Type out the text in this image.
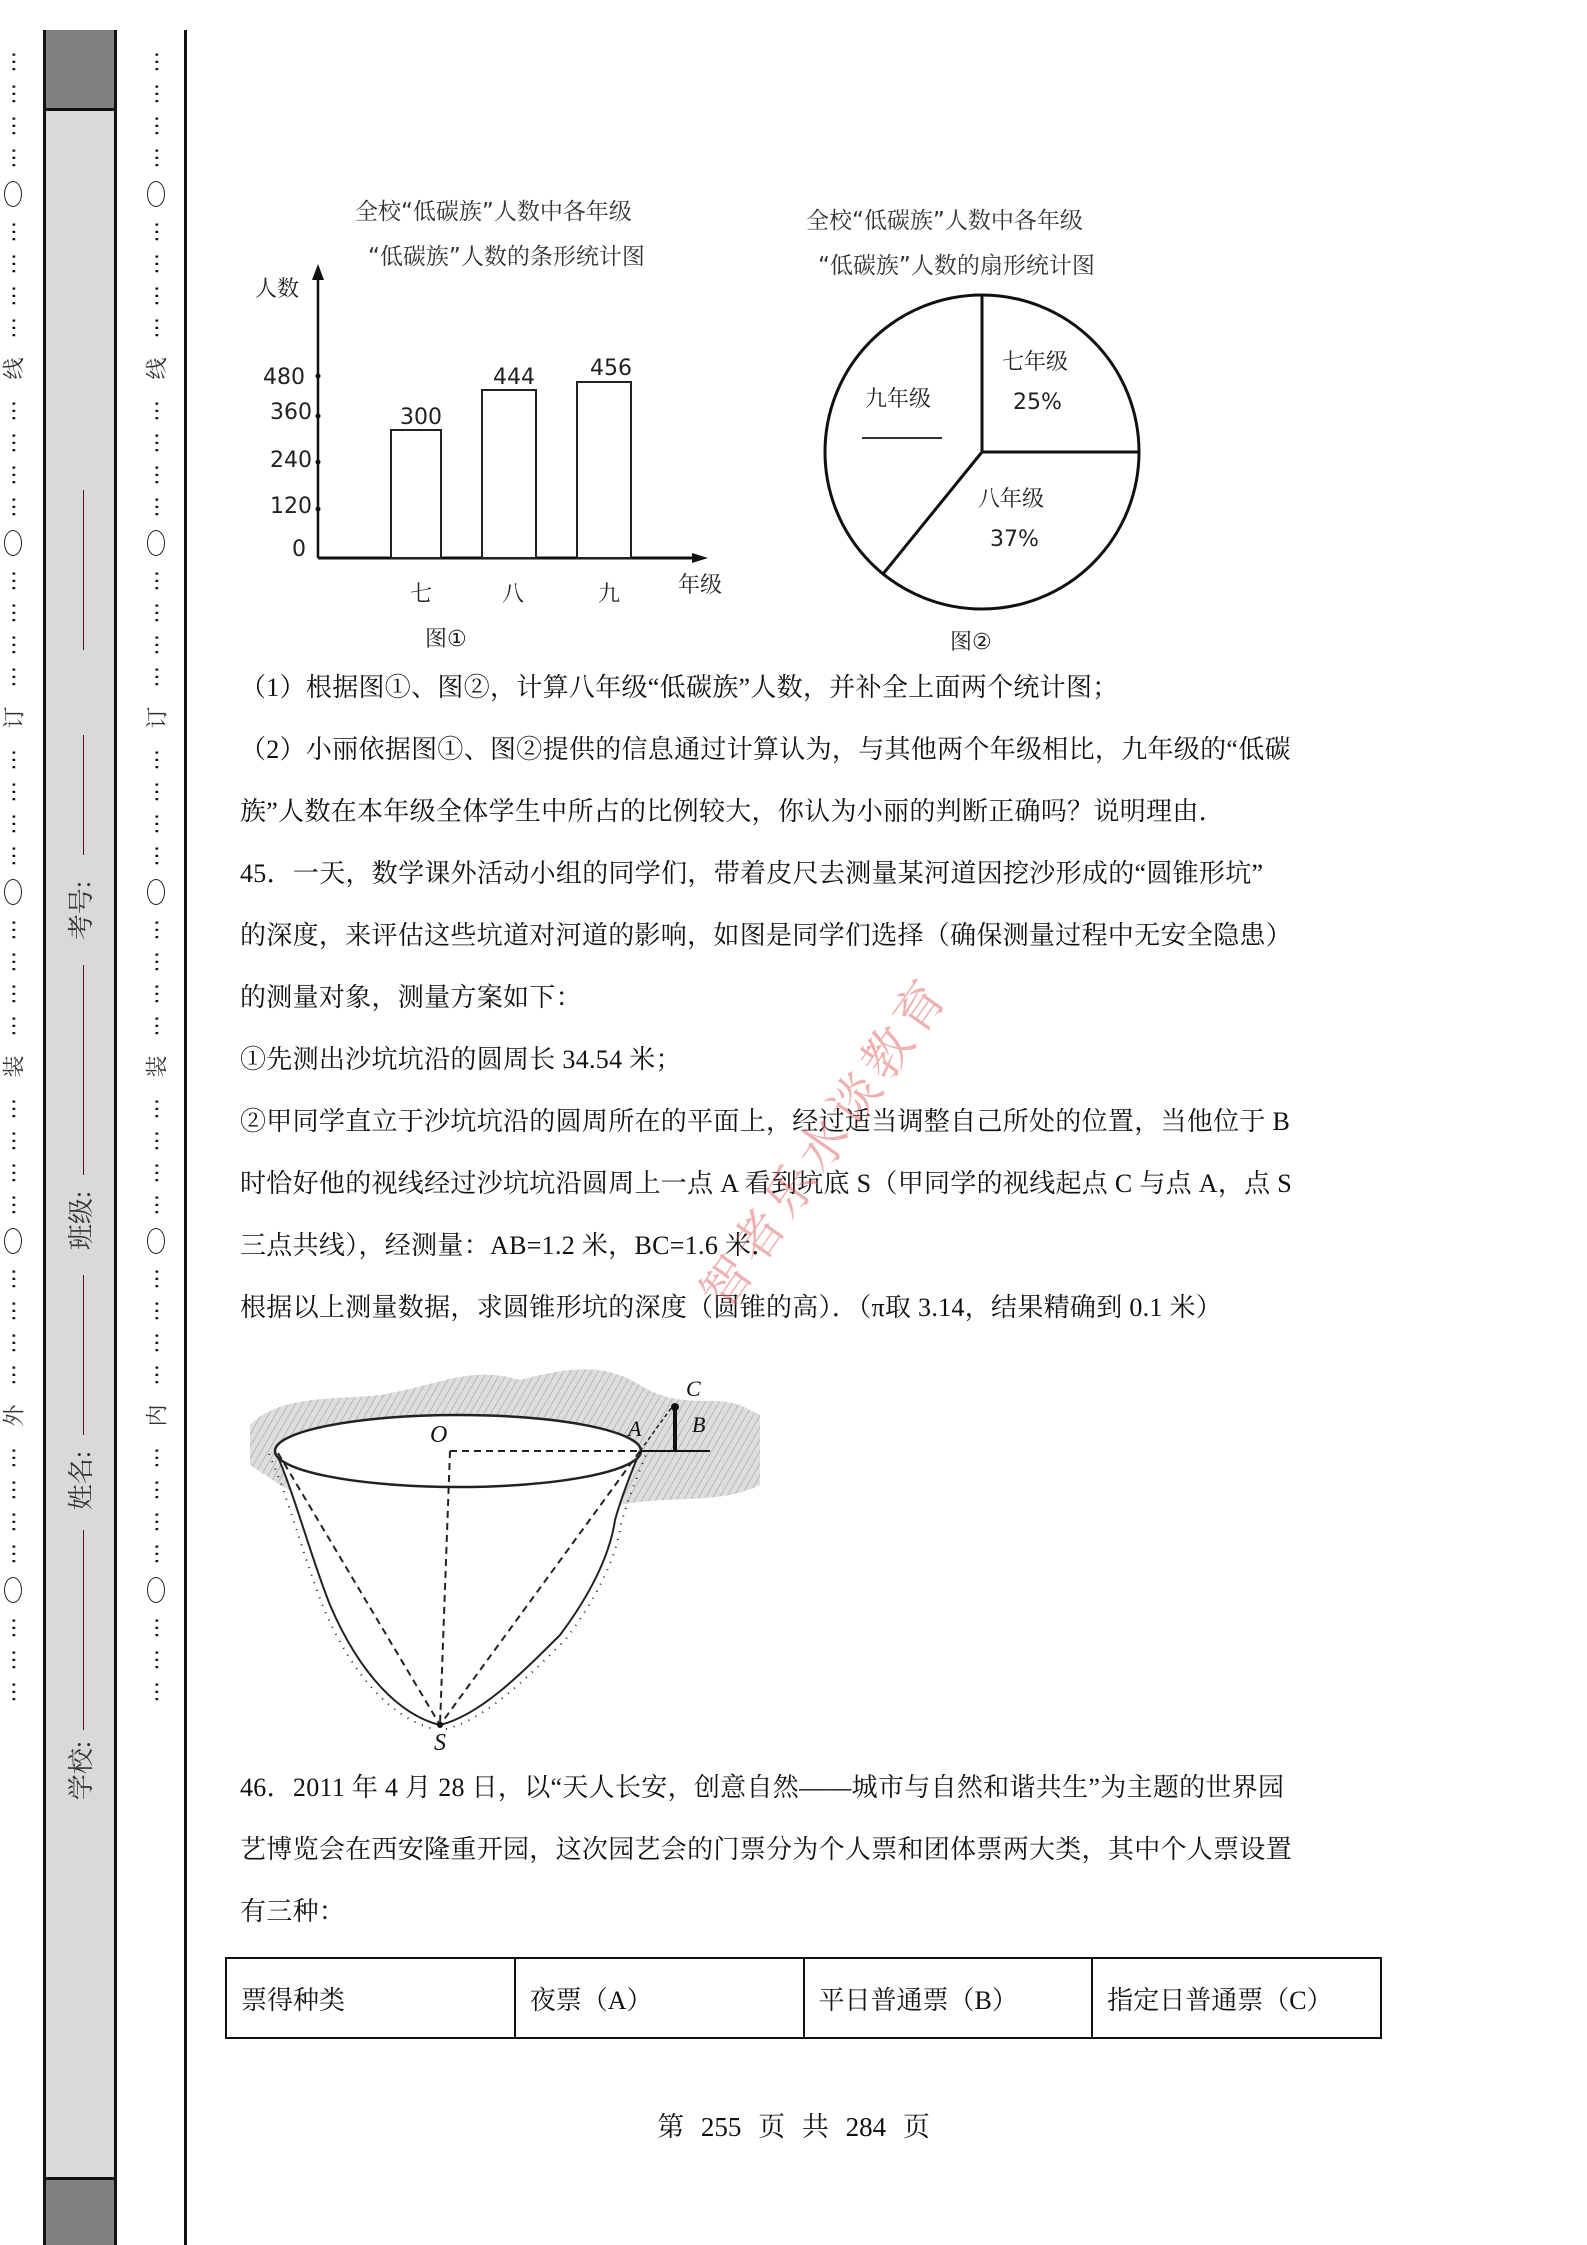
⋯
⋯
⋯
⋯
⋯
⋯
⋯
⋯
线
⋯
⋯
⋯
⋯
⋯
⋯
⋯
⋯
订
⋯
⋯
⋯
⋯
⋯
⋯
⋯
⋯
装
⋯
⋯
⋯
⋯
⋯
⋯
⋯
⋯
外
⋯
⋯
⋯
⋯
⋯
⋯
⋯
考号:
班级:
姓名:
学校:
⋯
⋯
⋯
⋯
⋯
⋯
⋯
⋯
线
⋯
⋯
⋯
⋯
⋯
⋯
⋯
⋯
订
⋯
⋯
⋯
⋯
⋯
⋯
⋯
⋯
装
⋯
⋯
⋯
⋯
⋯
⋯
⋯
⋯
内
⋯
⋯
⋯
⋯
⋯
⋯
⋯
全校“低碳族”人数中各年级
“低碳族”人数的条形统计图
人数
480
360
240
120
0
300
444	456
七	八	九	年级
图①
全校“低碳族”人数中各年级
“低碳族”人数的扇形统计图
七年级
25%
八年级
37%
九年级
图②
（1）根据图①、图②，计算八年级“低碳族”人数，并补全上面两个统计图；
（2）小丽依据图①、图②提供的信息通过计算认为，与其他两个年级相比，九年级的“低碳
族”人数在本年级全体学生中所占的比例较大，你认为小丽的判断正确吗？说明理由．
45．一天，数学课外活动小组的同学们，带着皮尺去测量某河道因挖沙形成的“圆锥形坑”
的深度，来评估这些坑道对河道的影响，如图是同学们选择（确保测量过程中无安全隐患）
的测量对象，测量方案如下：
①先测出沙坑坑沿的圆周长 34.54 米；
②甲同学直立于沙坑坑沿的圆周所在的平面上，经过适当调整自己所处的位置，当他位于 B
时恰好他的视线经过沙坑坑沿圆周上一点 A 看到坑底 S（甲同学的视线起点 C 与点 A，点 S
三点共线），经测量：AB=1.2 米，BC=1.6 米．
根据以上测量数据，求圆锥形坑的深度（圆锥的高）．（π取 3.14，结果精确到 0.1 米）
O	A B
C
S
46．2011 年 4 月 28 日，以“天人长安，创意自然——城市与自然和谐共生”为主题的世界园
艺博览会在西安隆重开园，这次园艺会的门票分为个人票和团体票两大类，其中个人票设置
有三种：
票得种类	夜票（A）	平日普通票（B）	指定日普通票（C）
智者乐水谈教育
第 255 页 共 284 页
